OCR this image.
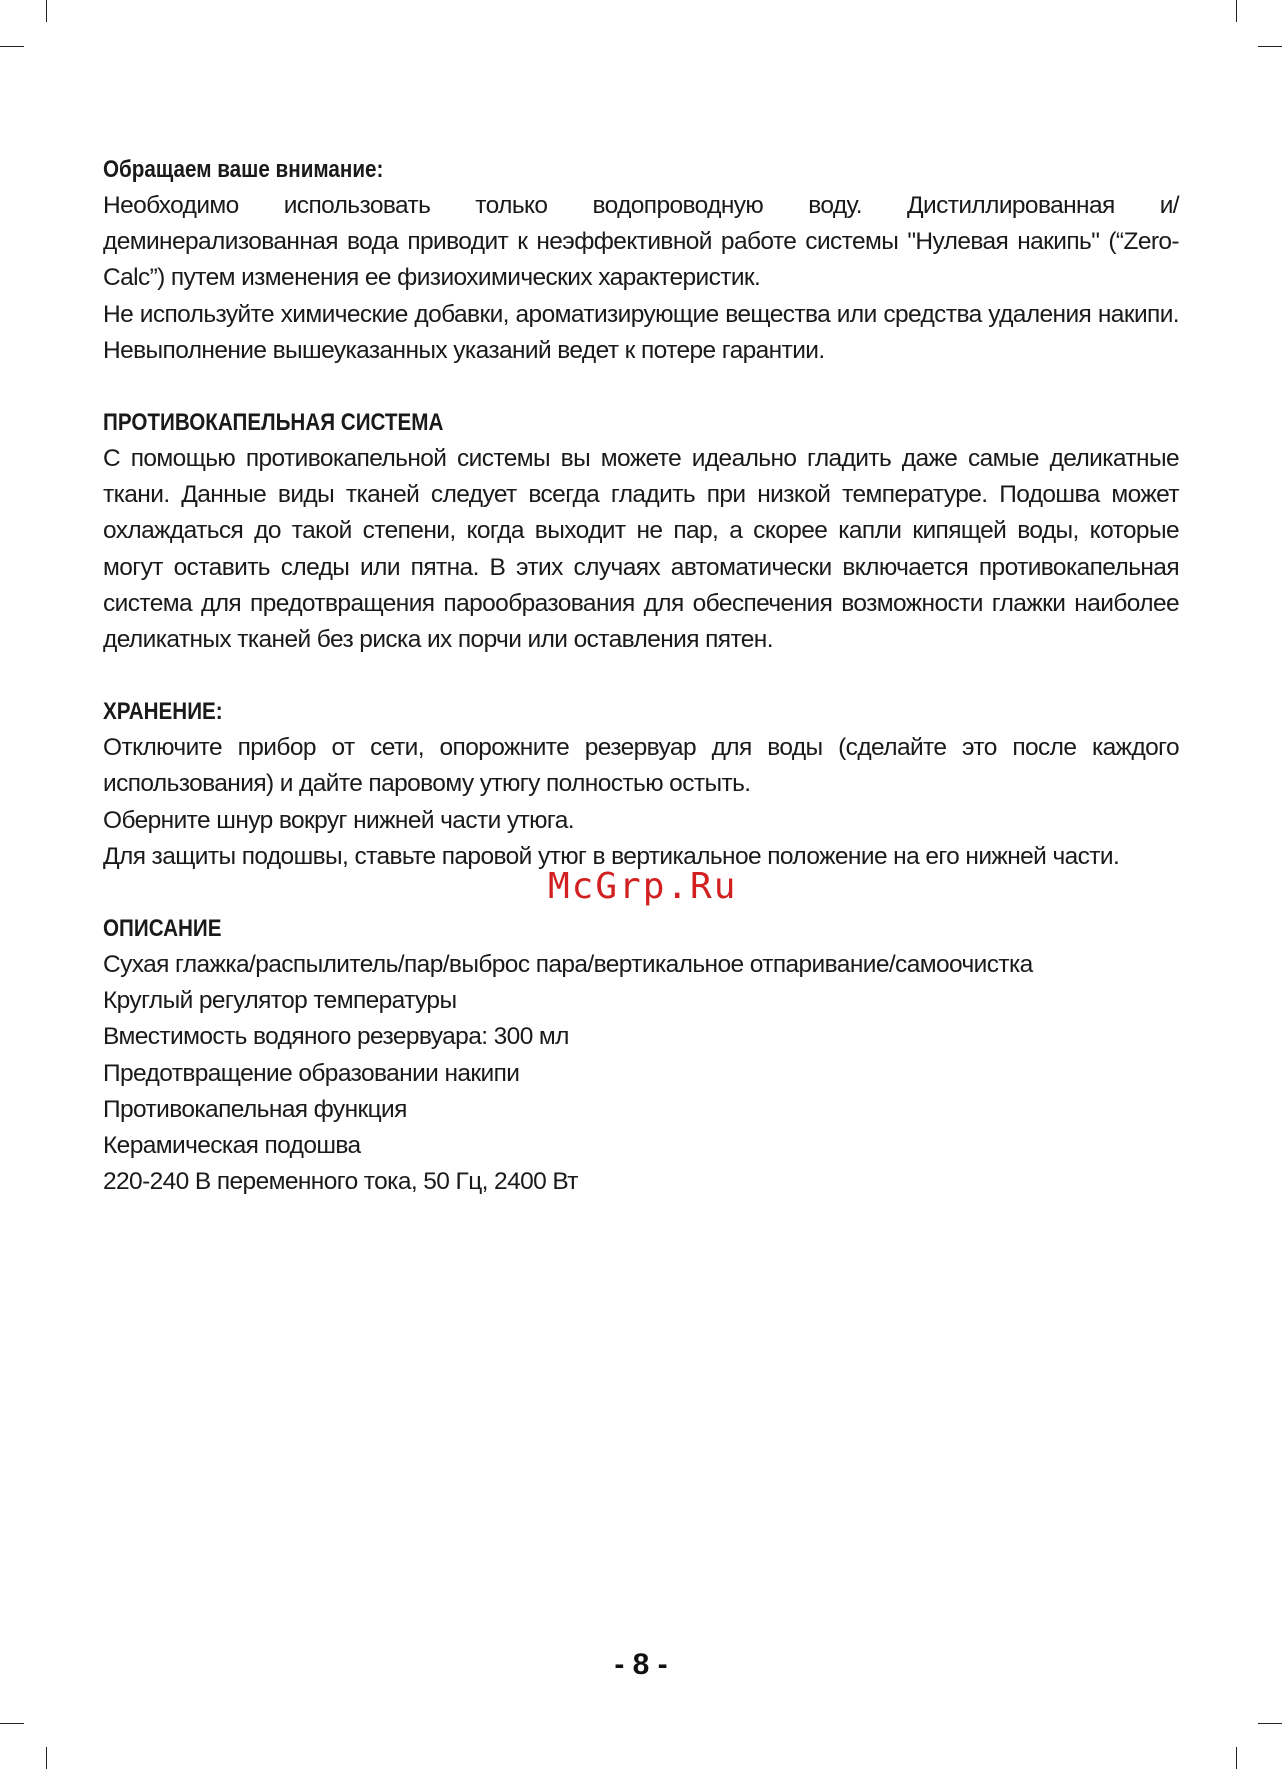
Обращаем ваше внимание:

Необходимо использовать только водопроводную воду. Дистиллированная и/деминерализованная вода приводит к неэффективной работе системы "Нулевая накипь" (“Zero-Calc”) путем изменения ее физиохимических характеристик.

Не используйте химические добавки, ароматизирующие вещества или средства удаления накипи. Невыполнение вышеуказанных указаний ведет к потере гарантии.

ПРОТИВОКАПЕЛЬНАЯ СИСТЕМА

С помощью противокапельной системы вы можете идеально гладить даже самые деликатные ткани. Данные виды тканей следует всегда гладить при низкой температуре. Подошва может охлаждаться до такой степени, когда выходит не пар, а скорее капли кипящей воды, которые могут оставить следы или пятна. В этих случаях автоматически включается противокапельная система для предотвращения парообразования для обеспечения возможности глажки наиболее деликатных тканей без риска их порчи или оставления пятен.

ХРАНЕНИЕ:

Отключите прибор от сети, опорожните резервуар для воды (сделайте это после каждого использования) и дайте паровому утюгу полностью остыть.

Оберните шнур вокруг нижней части утюга.

Для защиты подошвы, ставьте паровой утюг в вертикальное положение на его нижней части.

ОПИСАНИЕ

Сухая глажка/распылитель/пар/выброс пара/вертикальное отпаривание/самоочистка

Круглый регулятор температуры

Вместимость водяного резервуара: 300 мл

Предотвращение образовании накипи

Противокапельная функция

Керамическая подошва

220-240 В переменного тока, 50 Гц, 2400 Вт

McGrp.Ru
- 8 -
